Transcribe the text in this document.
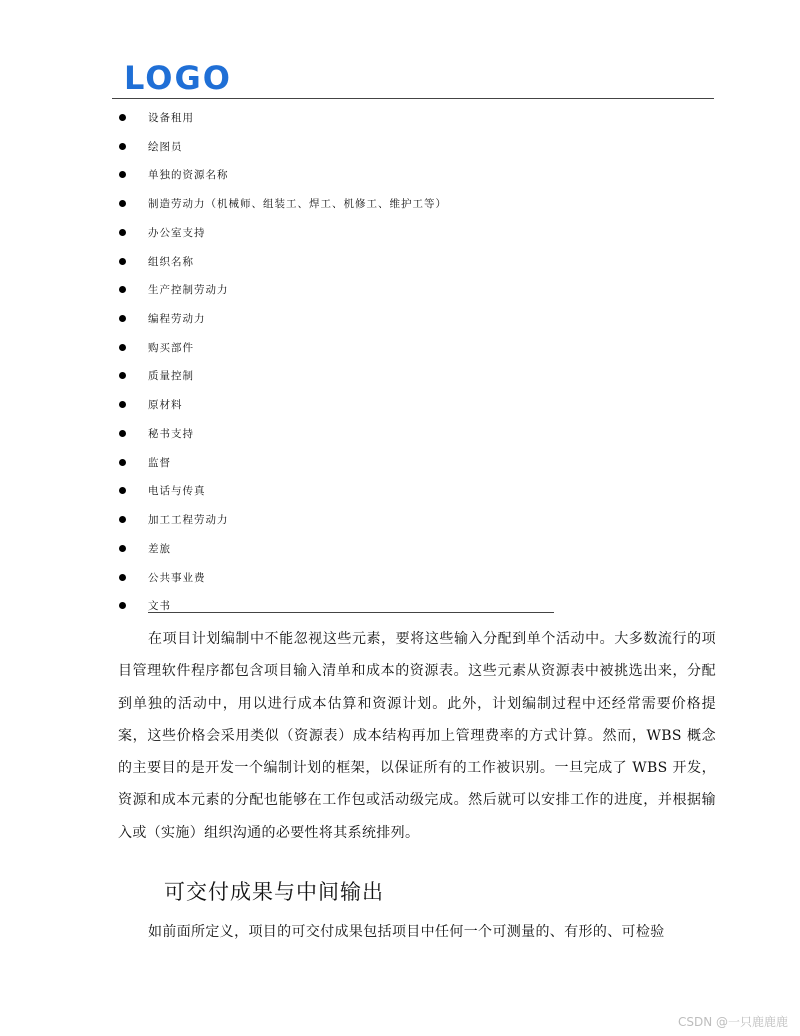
LOGO
设备租用
绘图员
单独的资源名称
制造劳动力（机械师、组装工、焊工、机修工、维护工等）
办公室支持
组织名称
生产控制劳动力
编程劳动力
购买部件
质量控制
原材料
秘书支持
监督
电话与传真
加工工程劳动力
差旅
公共事业费
文书

在项目计划编制中不能忽视这些元素，要将这些输入分配到单个活动中。大多数流行的项目管理软件程序都包含项目输入清单和成本的资源表。这些元素从资源表中被挑选出来，分配到单独的活动中，用以进行成本估算和资源计划。此外，计划编制过程中还经常需要价格提案，这些价格会采用类似（资源表）成本结构再加上管理费率的方式计算。然而，WBS 概念的主要目的是开发一个编制计划的框架，以保证所有的工作被识别。一旦完成了 WBS 开发，资源和成本元素的分配也能够在工作包或活动级完成。然后就可以安排工作的进度，并根据输入或（实施）组织沟通的必要性将其系统排列。

可交付成果与中间输出

如前面所定义，项目的可交付成果包括项目中任何一个可测量的、有形的、可检验

CSDN @一只鹿鹿鹿
